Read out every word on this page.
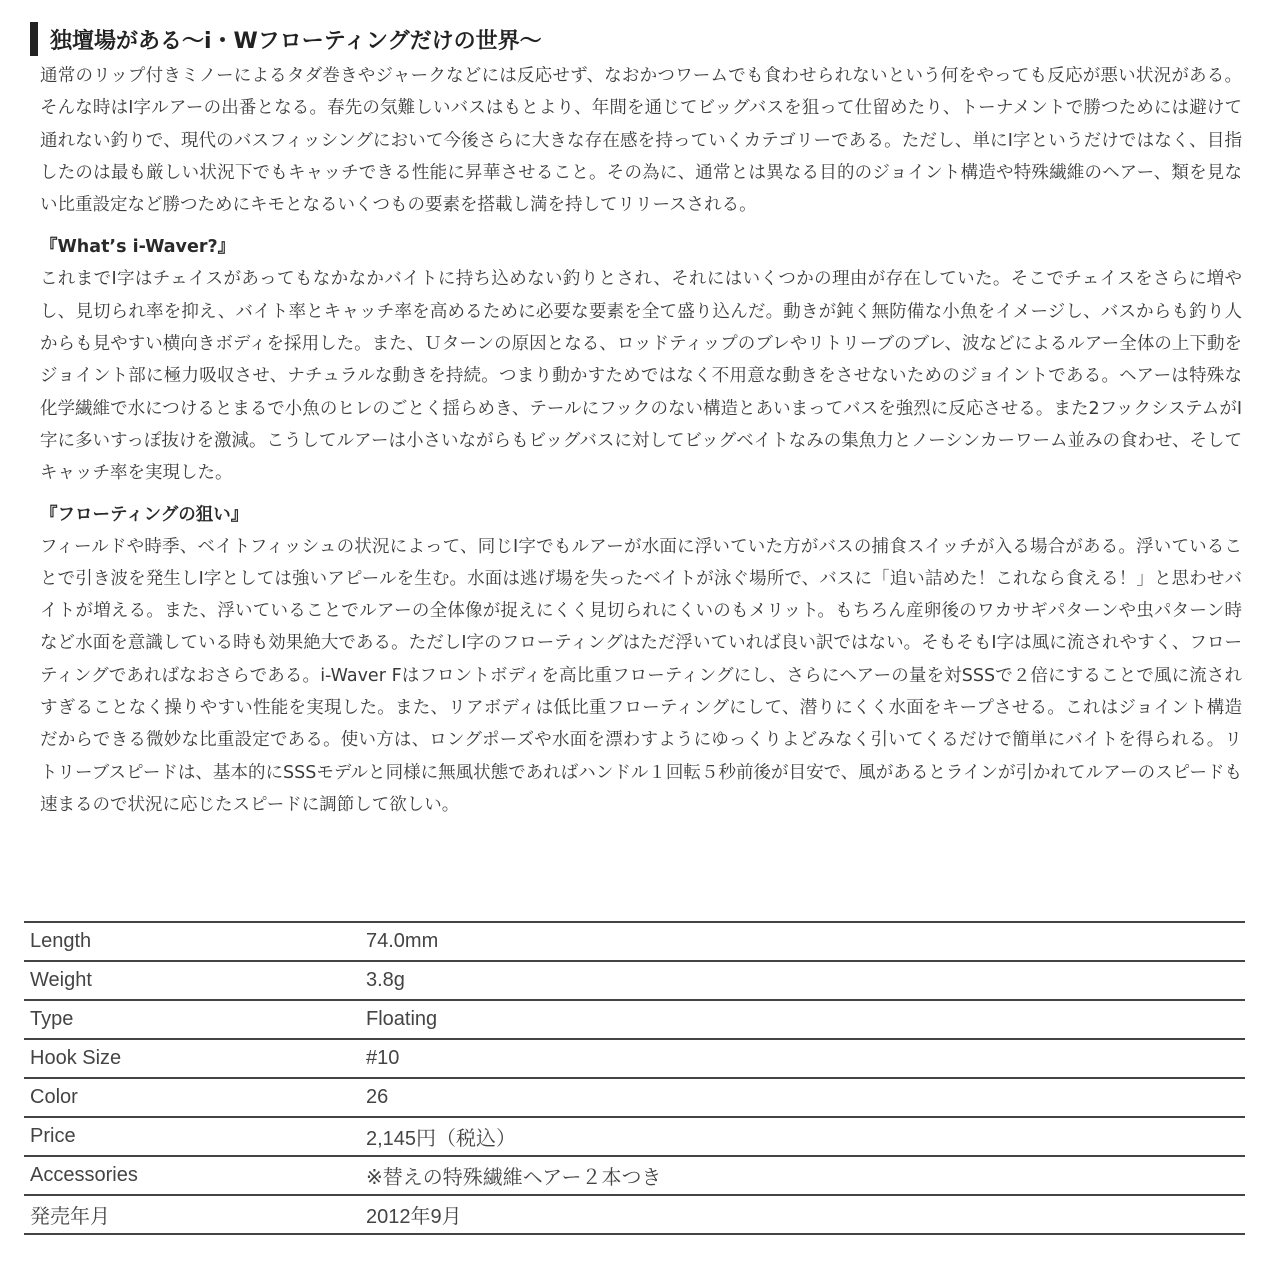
独壇場がある〜i・Wフローティングだけの世界〜

通常のリップ付きミノーによるタダ巻きやジャークなどには反応せず、なおかつワームでも食わせられないという何をやっても反応が悪い状況がある。そんな時はI字ルアーの出番となる。春先の気難しいバスはもとより、年間を通じてビッグバスを狙って仕留めたり、トーナメントで勝つためには避けて通れない釣りで、現代のバスフィッシングにおいて今後さらに大きな存在感を持っていくカテゴリーである。ただし、単にI字というだけではなく、目指したのは最も厳しい状況下でもキャッチできる性能に昇華させること。その為に、通常とは異なる目的のジョイント構造や特殊繊維のヘアー、類を見ない比重設定など勝つためにキモとなるいくつもの要素を搭載し満を持してリリースされる。

『What’s i-Waver?』

これまでI字はチェイスがあってもなかなかバイトに持ち込めない釣りとされ、それにはいくつかの理由が存在していた。そこでチェイスをさらに増やし、見切られ率を抑え、バイト率とキャッチ率を高めるために必要な要素を全て盛り込んだ。動きが鈍く無防備な小魚をイメージし、バスからも釣り人からも見やすい横向きボディを採用した。また、Ｕターンの原因となる、ロッドティップのブレやリトリーブのブレ、波などによるルアー全体の上下動をジョイント部に極力吸収させ、ナチュラルな動きを持続。つまり動かすためではなく不用意な動きをさせないためのジョイントである。ヘアーは特殊な化学繊維で水につけるとまるで小魚のヒレのごとく揺らめき、テールにフックのない構造とあいまってバスを強烈に反応させる。また2フックシステムがI字に多いすっぽ抜けを激減。こうしてルアーは小さいながらもビッグバスに対してビッグベイトなみの集魚力とノーシンカーワーム並みの食わせ、そしてキャッチ率を実現した。

『フローティングの狙い』

フィールドや時季、ベイトフィッシュの状況によって、同じI字でもルアーが水面に浮いていた方がバスの捕食スイッチが入る場合がある。浮いていることで引き波を発生しI字としては強いアピールを生む。水面は逃げ場を失ったベイトが泳ぐ場所で、バスに「追い詰めた！これなら食える！」と思わせバイトが増える。また、浮いていることでルアーの全体像が捉えにくく見切られにくいのもメリット。もちろん産卵後のワカサギパターンや虫パターン時など水面を意識している時も効果絶大である。ただしI字のフローティングはただ浮いていれば良い訳ではない。そもそもI字は風に流されやすく、フローティングであればなおさらである。i-Waver Fはフロントボディを高比重フローティングにし、さらにヘアーの量を対SSSで２倍にすることで風に流されすぎることなく操りやすい性能を実現した。また、リアボディは低比重フローティングにして、潜りにくく水面をキープさせる。これはジョイント構造だからできる微妙な比重設定である。使い方は、ロングポーズや水面を漂わすようにゆっくりよどみなく引いてくるだけで簡単にバイトを得られる。リトリーブスピードは、基本的にSSSモデルと同様に無風状態であればハンドル１回転５秒前後が目安で、風があるとラインが引かれてルアーのスピードも速まるので状況に応じたスピードに調節して欲しい。

Length	74.0mm
Weight	3.8g
Type	Floating
Hook Size	#10
Color	26
Price	2,145円（税込）
Accessories	※替えの特殊繊維ヘアー２本つき
発売年月	2012年9月
